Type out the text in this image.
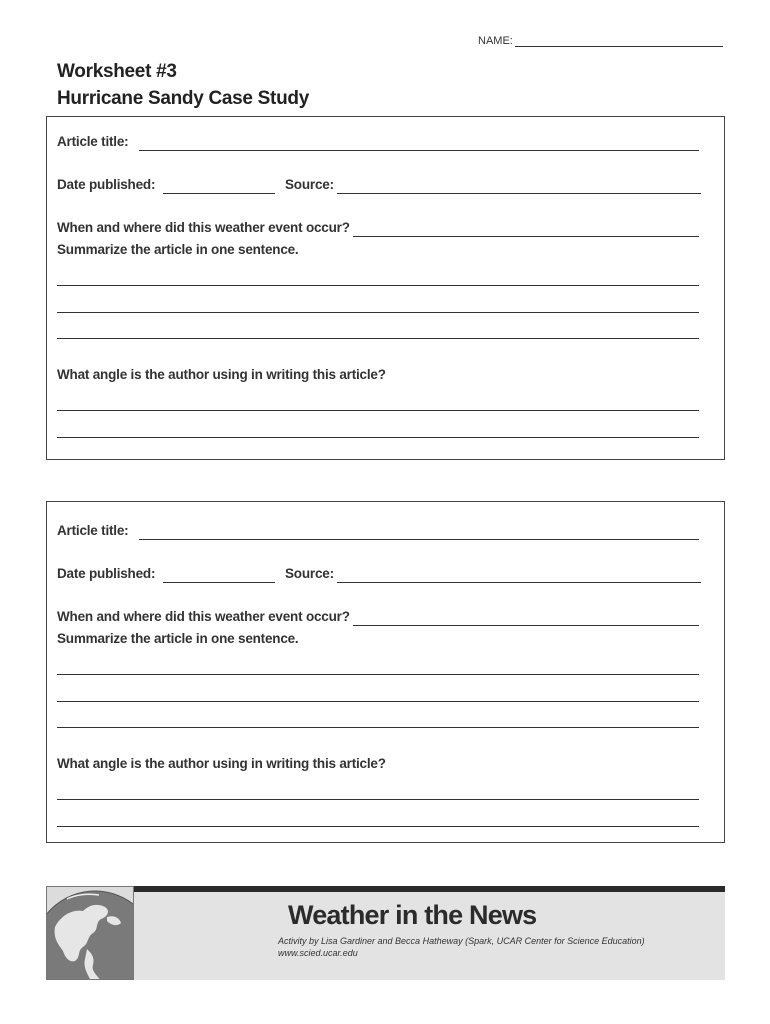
NAME:
Worksheet #3
Hurricane Sandy Case Study
Article title:
Date published:	Source:
When and where did this weather event occur?
Summarize the article in one sentence.
What angle is the author using in writing this article?
Article title:
Date published:	Source:
When and where did this weather event occur?
Summarize the article in one sentence.
What angle is the author using in writing this article?
Weather in the News
Activity by Lisa Gardiner and Becca Hatheway (Spark, UCAR Center for Science Education)
www.scied.ucar.edu
